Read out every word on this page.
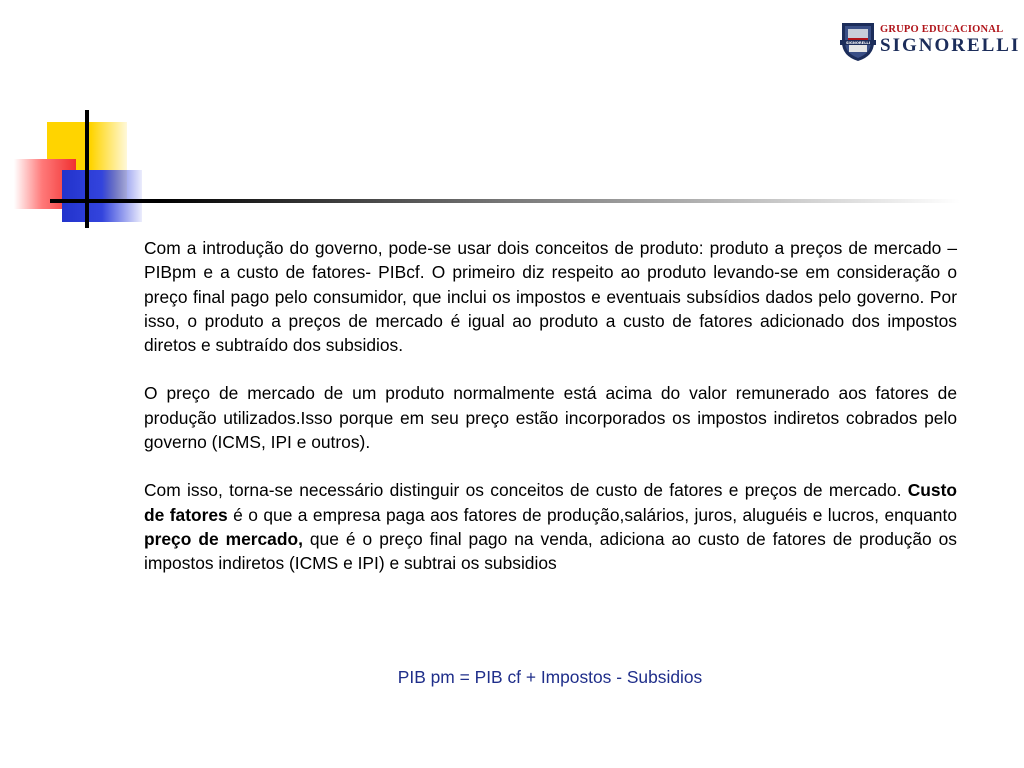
SIGNORELLI
GRUPO EDUCACIONAL
SIGNORELLI

Com a introdução do governo, pode-se usar dois conceitos de produto: produto a preços de mercado – PIBpm e a custo de fatores- PIBcf. O primeiro diz respeito ao produto levando-se em consideração o preço final pago pelo consumidor, que inclui os impostos e eventuais subsídios dados pelo governo. Por isso, o produto a preços de mercado é igual ao produto a custo de fatores adicionado dos impostos diretos e subtraído dos subsidios.

O preço de mercado de um produto normalmente está acima do valor remunerado aos fatores de produção utilizados.Isso porque em seu preço estão incorporados os impostos indiretos cobrados pelo governo (ICMS, IPI e outros).

Com isso, torna-se necessário distinguir os conceitos de custo de fatores e preços de mercado. Custo de fatores é o que a empresa paga aos fatores de produção,salários, juros, aluguéis e lucros, enquanto preço de mercado, que é o preço final pago na venda, adiciona ao custo de fatores de produção os impostos indiretos (ICMS e IPI) e subtrai os subsidios

PIB pm = PIB cf + Impostos - Subsidios
